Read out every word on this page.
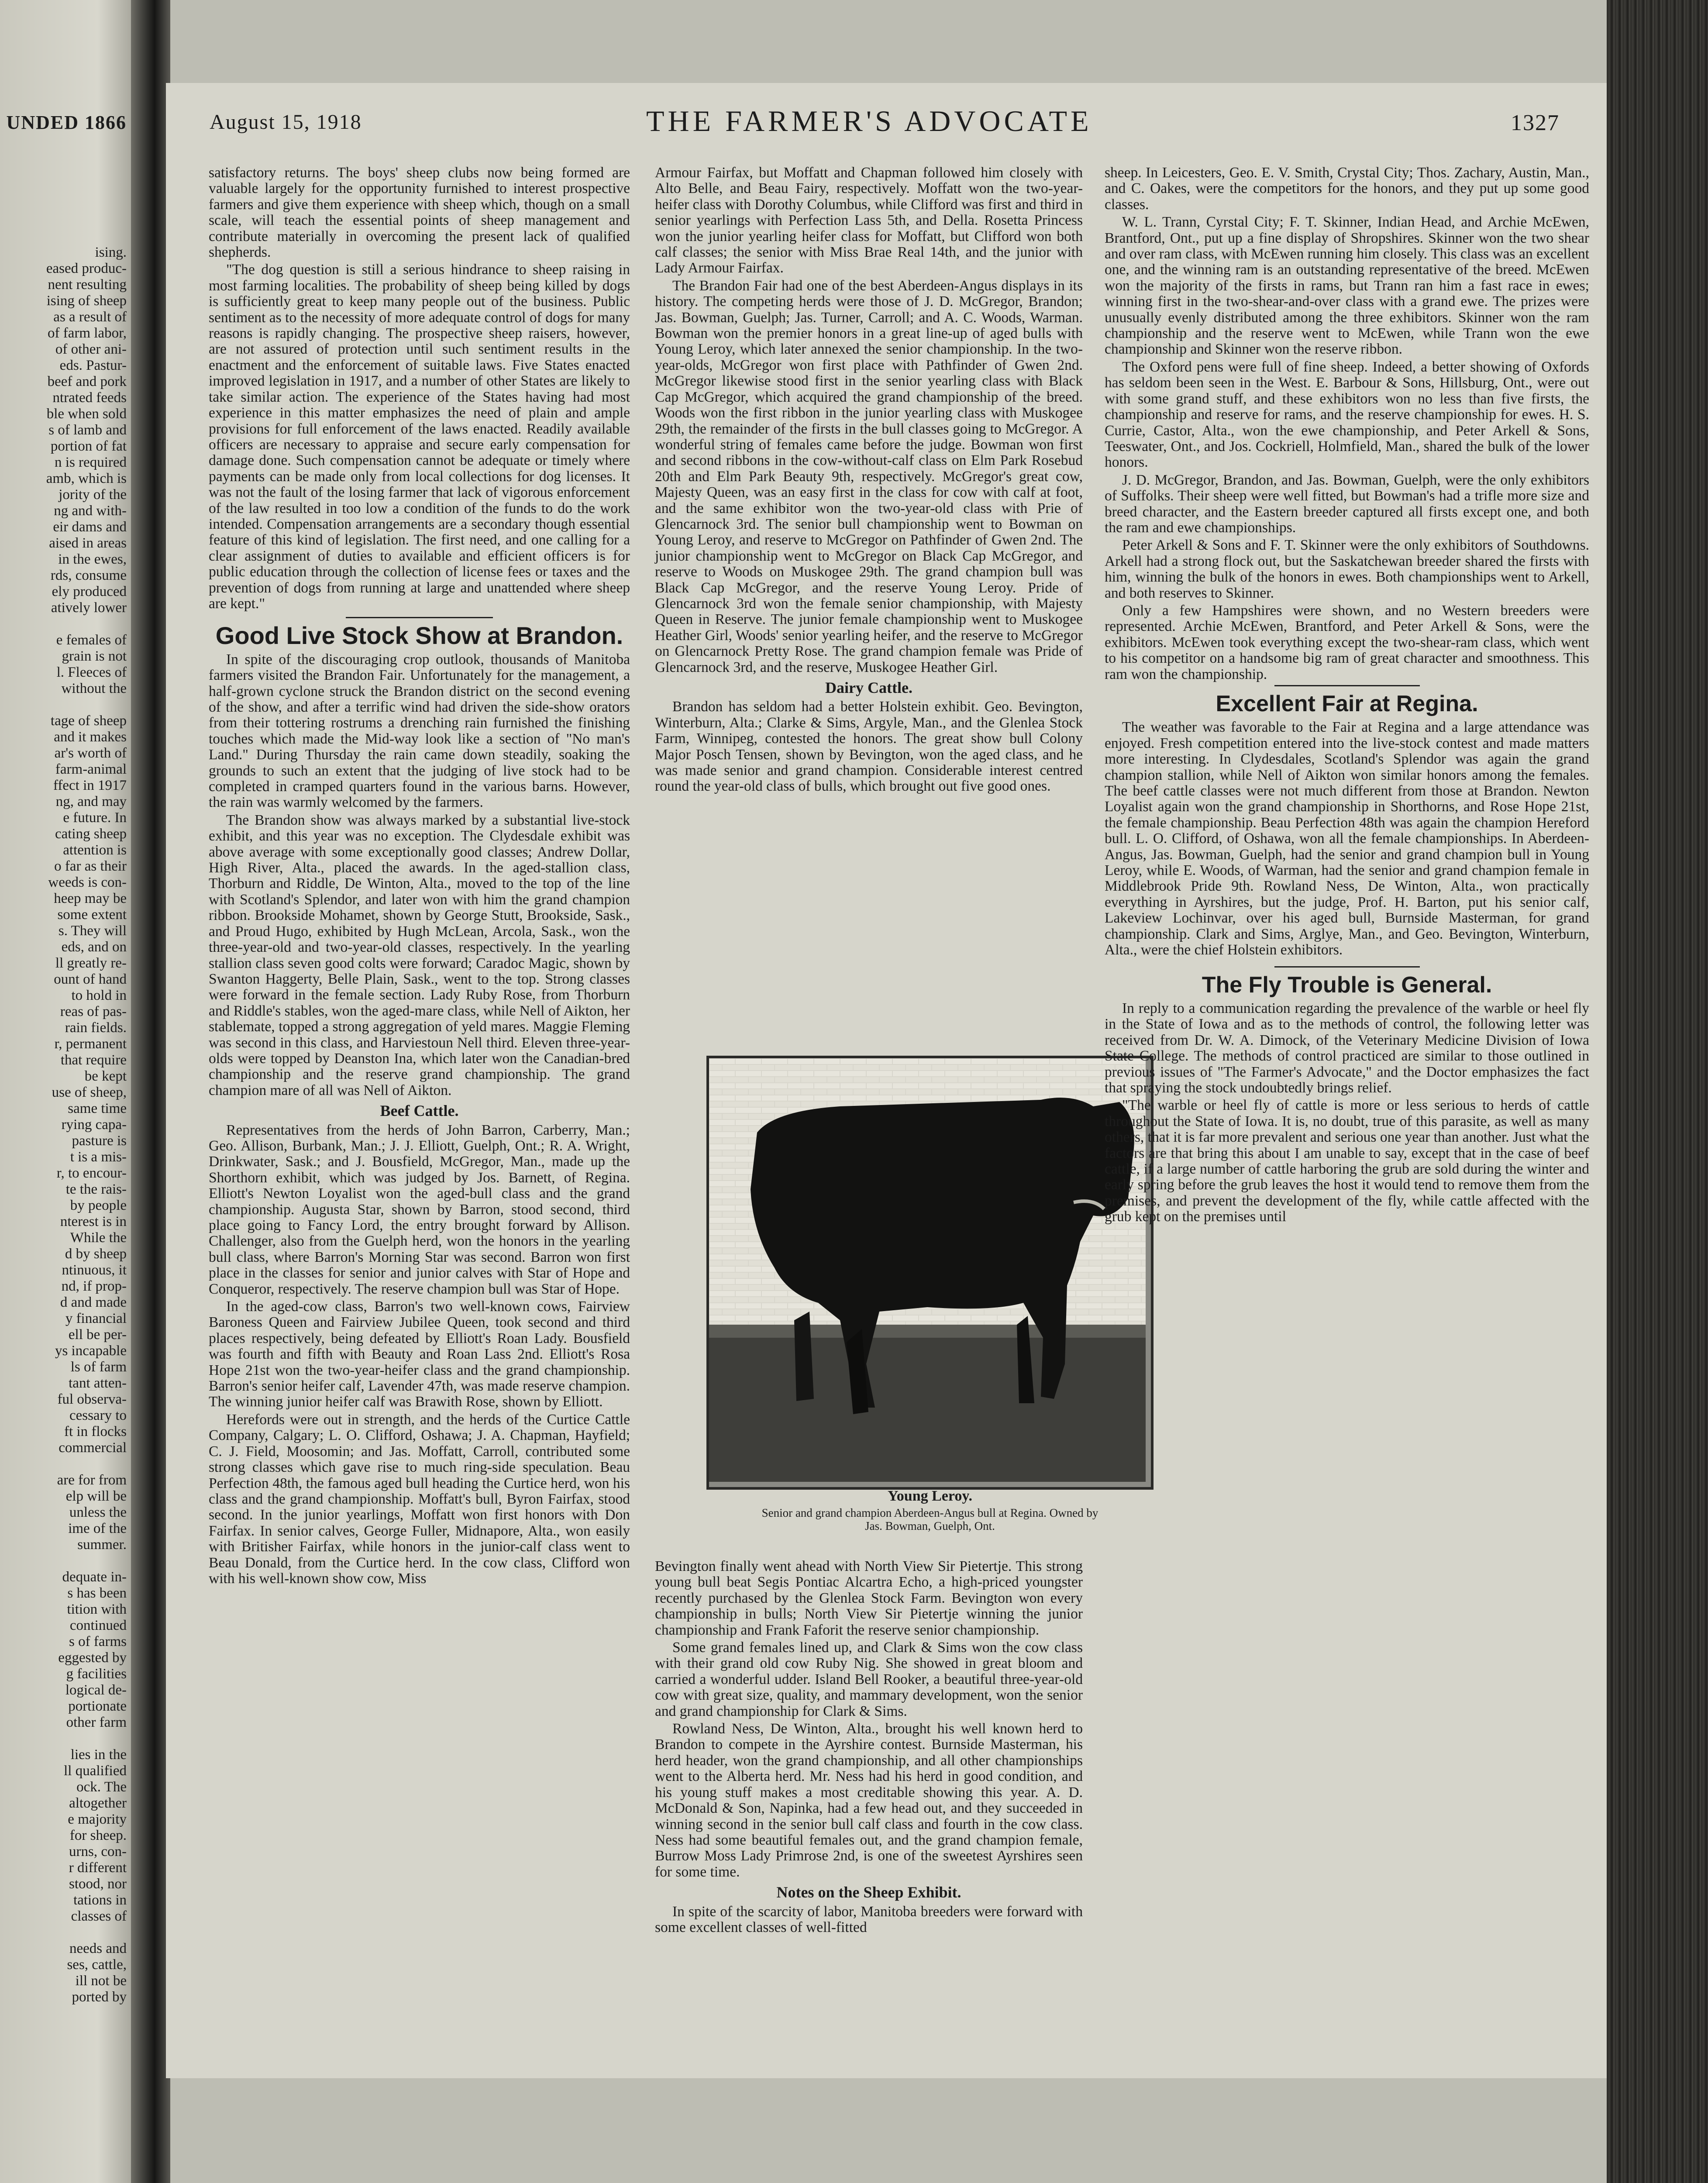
UNDED 1866
ising.
eased produc-
nent resulting
ising of sheep
as a result of
of farm labor,
of other ani-
eds. Pastur-
beef and pork
ntrated feeds
ble when sold
s of lamb and
portion of fat
n is required
amb, which is
jority of the
ng and with-
eir dams and
aised in areas
in the ewes,
rds, consume
ely produced
atively lower
e females of
grain is not
l. Fleeces of
without the
tage of sheep
and it makes
ar's worth of
farm-animal
ffect in 1917
ng, and may
e future. In
cating sheep
attention is
o far as their
weeds is con-
heep may be
some extent
s. They will
eds, and on
ll greatly re-
ount of hand
to hold in
reas of pas-
rain fields.
r, permanent
that require
be kept
use of sheep,
same time
rying capa-
pasture is
t is a mis-
r, to encour-
te the rais-
by people
nterest is in
While the
d by sheep
ntinuous, it
nd, if prop-
d and made
y financial
ell be per-
ys incapable
ls of farm
tant atten-
ful observa-
cessary to
ft in flocks
commercial
are for from
elp will be
unless the
ime of the
summer.
dequate in-
s has been
tition with
continued
s of farms
eggested by
g facilities
logical de-
portionate
other farm
lies in the
ll qualified
ock. The
altogether
e majority
for sheep.
urns, con-
r different
stood, nor
tations in
classes of
needs and
ses, cattle,
ill not be
ported by
August 15, 1918	THE FARMER'S ADVOCATE	1327

satisfactory returns. The boys' sheep clubs now being formed are valuable largely for the opportunity furnished to interest prospective farmers and give them experience with sheep which, though on a small scale, will teach the essential points of sheep management and contribute materially in overcoming the present lack of qualified shepherds.

"The dog question is still a serious hindrance to sheep raising in most farming localities. The probability of sheep being killed by dogs is sufficiently great to keep many people out of the business. Public sentiment as to the necessity of more adequate control of dogs for many reasons is rapidly changing. The prospective sheep raisers, however, are not assured of protection until such sentiment results in the enactment and the enforcement of suitable laws. Five States enacted improved legislation in 1917, and a number of other States are likely to take similar action. The experience of the States having had most experience in this matter emphasizes the need of plain and ample provisions for full enforcement of the laws enacted. Readily available officers are necessary to appraise and secure early compensation for damage done. Such compensation cannot be adequate or timely where payments can be made only from local collections for dog licenses. It was not the fault of the losing farmer that lack of vigorous enforcement of the law resulted in too low a condition of the funds to do the work intended. Compensation arrangements are a secondary though essential feature of this kind of legislation. The first need, and one calling for a clear assignment of duties to available and efficient officers is for public education through the collection of license fees or taxes and the prevention of dogs from running at large and unattended where sheep are kept."

Good Live Stock Show at Brandon.

In spite of the discouraging crop outlook, thousands of Manitoba farmers visited the Brandon Fair. Unfortunately for the management, a half-grown cyclone struck the Brandon district on the second evening of the show, and after a terrific wind had driven the side-show orators from their tottering rostrums a drenching rain furnished the finishing touches which made the Mid-way look like a section of "No man's Land." During Thursday the rain came down steadily, soaking the grounds to such an extent that the judging of live stock had to be completed in cramped quarters found in the various barns. However, the rain was warmly welcomed by the farmers.

The Brandon show was always marked by a substantial live-stock exhibit, and this year was no exception. The Clydesdale exhibit was above average with some exceptionally good classes; Andrew Dollar, High River, Alta., placed the awards. In the aged-stallion class, Thorburn and Riddle, De Winton, Alta., moved to the top of the line with Scotland's Splendor, and later won with him the grand champion ribbon. Brookside Mohamet, shown by George Stutt, Brookside, Sask., and Proud Hugo, exhibited by Hugh McLean, Arcola, Sask., won the three-year-old and two-year-old classes, respectively. In the yearling stallion class seven good colts were forward; Caradoc Magic, shown by Swanton Haggerty, Belle Plain, Sask., went to the top. Strong classes were forward in the female section. Lady Ruby Rose, from Thorburn and Riddle's stables, won the aged-mare class, while Nell of Aikton, her stablemate, topped a strong aggregation of yeld mares. Maggie Fleming was second in this class, and Harviestoun Nell third. Eleven three-year-olds were topped by Deanston Ina, which later won the Canadian-bred championship and the reserve grand championship. The grand champion mare of all was Nell of Aikton.

Beef Cattle.

Representatives from the herds of John Barron, Carberry, Man.; Geo. Allison, Burbank, Man.; J. J. Elliott, Guelph, Ont.; R. A. Wright, Drinkwater, Sask.; and J. Bousfield, McGregor, Man., made up the Shorthorn exhibit, which was judged by Jos. Barnett, of Regina. Elliott's Newton Loyalist won the aged-bull class and the grand championship. Augusta Star, shown by Barron, stood second, third place going to Fancy Lord, the entry brought forward by Allison. Challenger, also from the Guelph herd, won the honors in the yearling bull class, where Barron's Morning Star was second. Barron won first place in the classes for senior and junior calves with Star of Hope and Conqueror, respectively. The reserve champion bull was Star of Hope.

In the aged-cow class, Barron's two well-known cows, Fairview Baroness Queen and Fairview Jubilee Queen, took second and third places respectively, being defeated by Elliott's Roan Lady. Bousfield was fourth and fifth with Beauty and Roan Lass 2nd. Elliott's Rosa Hope 21st won the two-year-heifer class and the grand championship. Barron's senior heifer calf, Lavender 47th, was made reserve champion. The winning junior heifer calf was Brawith Rose, shown by Elliott.

Herefords were out in strength, and the herds of the Curtice Cattle Company, Calgary; L. O. Clifford, Oshawa; J. A. Chapman, Hayfield; C. J. Field, Moosomin; and Jas. Moffatt, Carroll, contributed some strong classes which gave rise to much ring-side speculation. Beau Perfection 48th, the famous aged bull heading the Curtice herd, won his class and the grand championship. Moffatt's bull, Byron Fairfax, stood second. In the junior yearlings, Moffatt won first honors with Don Fairfax. In senior calves, George Fuller, Midnapore, Alta., won easily with Britisher Fairfax, while honors in the junior-calf class went to Beau Donald, from the Curtice herd. In the cow class, Clifford won with his well-known show cow, Miss

Armour Fairfax, but Moffatt and Chapman followed him closely with Alto Belle, and Beau Fairy, respectively. Moffatt won the two-year-heifer class with Dorothy Columbus, while Clifford was first and third in senior yearlings with Perfection Lass 5th, and Della. Rosetta Princess won the junior yearling heifer class for Moffatt, but Clifford won both calf classes; the senior with Miss Brae Real 14th, and the junior with Lady Armour Fairfax.

The Brandon Fair had one of the best Aberdeen-Angus displays in its history. The competing herds were those of J. D. McGregor, Brandon; Jas. Bowman, Guelph; Jas. Turner, Carroll; and A. C. Woods, Warman. Bowman won the premier honors in a great line-up of aged bulls with Young Leroy, which later annexed the senior championship. In the two-year-olds, McGregor won first place with Pathfinder of Gwen 2nd. McGregor likewise stood first in the senior yearling class with Black Cap McGregor, which acquired the grand championship of the breed. Woods won the first ribbon in the junior yearling class with Muskogee 29th, the remainder of the firsts in the bull classes going to McGregor. A wonderful string of females came before the judge. Bowman won first and second ribbons in the cow-without-calf class on Elm Park Rosebud 20th and Elm Park Beauty 9th, respectively. McGregor's great cow, Majesty Queen, was an easy first in the class for cow with calf at foot, and the same exhibitor won the two-year-old class with Prie of Glencarnock 3rd. The senior bull championship went to Bowman on Young Leroy, and reserve to McGregor on Pathfinder of Gwen 2nd. The junior championship went to McGregor on Black Cap McGregor, and reserve to Woods on Muskogee 29th. The grand champion bull was Black Cap McGregor, and the reserve Young Leroy. Pride of Glencarnock 3rd won the female senior championship, with Majesty Queen in Reserve. The junior female championship went to Muskogee Heather Girl, Woods' senior yearling heifer, and the reserve to McGregor on Glencarnock Pretty Rose. The grand champion female was Pride of Glencarnock 3rd, and the reserve, Muskogee Heather Girl.

Dairy Cattle.

Brandon has seldom had a better Holstein exhibit. Geo. Bevington, Winterburn, Alta.; Clarke & Sims, Argyle, Man., and the Glenlea Stock Farm, Winnipeg, contested the honors. The great show bull Colony Major Posch Tensen, shown by Bevington, won the aged class, and he was made senior and grand champion. Considerable interest centred round the year-old class of bulls, which brought out five good ones.

Young Leroy.
Senior and grand champion Aberdeen-Angus bull at Regina. Owned by
Jas. Bowman, Guelph, Ont.

Bevington finally went ahead with North View Sir Pietertje. This strong young bull beat Segis Pontiac Alcartra Echo, a high-priced youngster recently purchased by the Glenlea Stock Farm. Bevington won every championship in bulls; North View Sir Pietertje winning the junior championship and Frank Faforit the reserve senior championship.

Some grand females lined up, and Clark & Sims won the cow class with their grand old cow Ruby Nig. She showed in great bloom and carried a wonderful udder. Island Bell Rooker, a beautiful three-year-old cow with great size, quality, and mammary development, won the senior and grand championship for Clark & Sims.

Rowland Ness, De Winton, Alta., brought his well known herd to Brandon to compete in the Ayrshire contest. Burnside Masterman, his herd header, won the grand championship, and all other championships went to the Alberta herd. Mr. Ness had his herd in good condition, and his young stuff makes a most creditable showing this year. A. D. McDonald & Son, Napinka, had a few head out, and they succeeded in winning second in the senior bull calf class and fourth in the cow class. Ness had some beautiful females out, and the grand champion female, Burrow Moss Lady Primrose 2nd, is one of the sweetest Ayrshires seen for some time.

Notes on the Sheep Exhibit.

In spite of the scarcity of labor, Manitoba breeders were forward with some excellent classes of well-fitted

sheep. In Leicesters, Geo. E. V. Smith, Crystal City; Thos. Zachary, Austin, Man., and C. Oakes, were the competitors for the honors, and they put up some good classes.

W. L. Trann, Cyrstal City; F. T. Skinner, Indian Head, and Archie McEwen, Brantford, Ont., put up a fine display of Shropshires. Skinner won the two shear and over ram class, with McEwen running him closely. This class was an excellent one, and the winning ram is an outstanding representative of the breed. McEwen won the majority of the firsts in rams, but Trann ran him a fast race in ewes; winning first in the two-shear-and-over class with a grand ewe. The prizes were unusually evenly distributed among the three exhibitors. Skinner won the ram championship and the reserve went to McEwen, while Trann won the ewe championship and Skinner won the reserve ribbon.

The Oxford pens were full of fine sheep. Indeed, a better showing of Oxfords has seldom been seen in the West. E. Barbour & Sons, Hillsburg, Ont., were out with some grand stuff, and these exhibitors won no less than five firsts, the championship and reserve for rams, and the reserve championship for ewes. H. S. Currie, Castor, Alta., won the ewe championship, and Peter Arkell & Sons, Teeswater, Ont., and Jos. Cockriell, Holmfield, Man., shared the bulk of the lower honors.

J. D. McGregor, Brandon, and Jas. Bowman, Guelph, were the only exhibitors of Suffolks. Their sheep were well fitted, but Bowman's had a trifle more size and breed character, and the Eastern breeder captured all firsts except one, and both the ram and ewe championships.

Peter Arkell & Sons and F. T. Skinner were the only exhibitors of Southdowns. Arkell had a strong flock out, but the Saskatchewan breeder shared the firsts with him, winning the bulk of the honors in ewes. Both championships went to Arkell, and both reserves to Skinner.

Only a few Hampshires were shown, and no Western breeders were represented. Archie McEwen, Brantford, and Peter Arkell & Sons, were the exhibitors. McEwen took everything except the two-shear-ram class, which went to his competitor on a handsome big ram of great character and smoothness. This ram won the championship.

Excellent Fair at Regina.

The weather was favorable to the Fair at Regina and a large attendance was enjoyed. Fresh competition entered into the live-stock contest and made matters more interesting. In Clydesdales, Scotland's Splendor was again the grand champion stallion, while Nell of Aikton won similar honors among the females. The beef cattle classes were not much different from those at Brandon. Newton Loyalist again won the grand championship in Shorthorns, and Rose Hope 21st, the female championship. Beau Perfection 48th was again the champion Hereford bull. L. O. Clifford, of Oshawa, won all the female championships. In Aberdeen-Angus, Jas. Bowman, Guelph, had the senior and grand champion bull in Young Leroy, while E. Woods, of Warman, had the senior and grand champion female in Middlebrook Pride 9th. Rowland Ness, De Winton, Alta., won practically everything in Ayrshires, but the judge, Prof. H. Barton, put his senior calf, Lakeview Lochinvar, over his aged bull, Burnside Masterman, for grand championship. Clark and Sims, Arglye, Man., and Geo. Bevington, Winterburn, Alta., were the chief Holstein exhibitors.

The Fly Trouble is General.

In reply to a communication regarding the prevalence of the warble or heel fly in the State of Iowa and as to the methods of control, the following letter was received from Dr. W. A. Dimock, of the Veterinary Medicine Division of Iowa State College. The methods of control practiced are similar to those outlined in previous issues of "The Farmer's Advocate," and the Doctor emphasizes the fact that spraying the stock undoubtedly brings relief.

"The warble or heel fly of cattle is more or less serious to herds of cattle throughout the State of Iowa. It is, no doubt, true of this parasite, as well as many others, that it is far more prevalent and serious one year than another. Just what the factors are that bring this about I am unable to say, except that in the case of beef cattle, if a large number of cattle harboring the grub are sold during the winter and early spring before the grub leaves the host it would tend to remove them from the premises, and prevent the development of the fly, while cattle affected with the grub kept on the premises until
